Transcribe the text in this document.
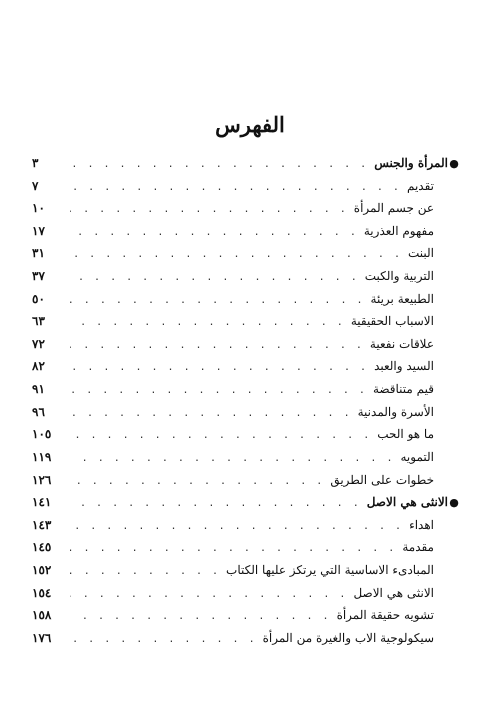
الفهرس
●
المرأة والجنس
. . .
٣
تقديم
. . .
٧
عن جسم المرأة
. . .
١٠
مفهوم العذرية
. . .
١٧
البنت
. . .
٣١
التربية والكبت
. . .
٣٧
الطبيعة بريئة
. . .
٥٠
الاسباب الحقيقية
. . .
٦٣
علاقات نفعية
. . .
٧٢
السيد والعبد
. . .
٨٢
قيم متناقضة
. . .
٩١
الأسرة والمدنية
. . .
٩٦
ما هو الحب
. . .
١٠٥
التمويه
. . .
١١٩
خطوات على الطريق
. . .
١٢٦
●
الانثى هي الاصل
. . .
١٤١
اهداء
. . .
١٤٣
مقدمة
. . .
١٤٥
المبادىء الاساسية التي يرتكز عليها الكتاب
. . .
١٥٢
الانثى هي الاصل
. . .
١٥٤
تشويه حقيقة المرأة
. . .
١٥٨
سيكولوجية الاب والغيرة من المرأة
. . .
١٧٦
